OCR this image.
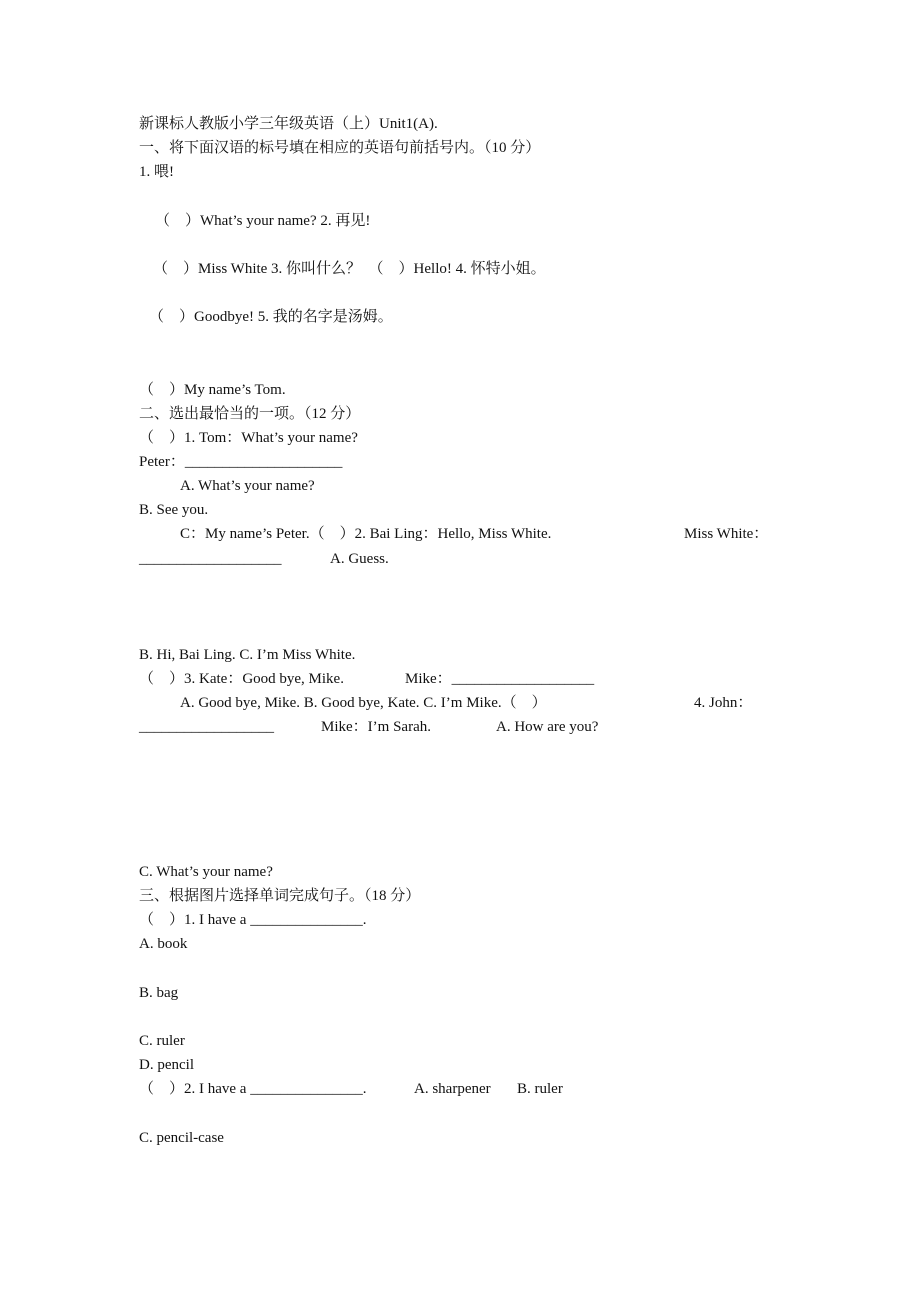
新课标人教版小学三年级英语（上）Unit1(A).
一、将下面汉语的标号填在相应的英语句前括号内。（10 分）
1. 喂!
（　）What’s your name? 2. 再见!
（　）Miss White 3. 你叫什么？　（　）Hello! 4. 怀特小姐。
（　）Goodbye! 5. 我的名字是汤姆。
（　）My name’s Tom.
二、选出最恰当的一项。（12 分）
（　）1. Tom：What’s your name?
Peter：_____________________
A. What’s your name?
B. See you.
C：My name’s Peter.（　）2. Bai Ling：Hello, Miss White.	Miss White：
___________________	A. Guess.
B. Hi, Bai Ling. C. I’m Miss White.
（　）3. Kate：Good bye, Mike.	Mike：___________________
A. Good bye, Mike. B. Good bye, Kate. C. I’m Mike.（　）	4. John：
__________________	Mike：I’m Sarah.	A. How are you?
C. What’s your name?
三、根据图片选择单词完成句子。（18 分）
（　）1. I have a _______________.
A. book
B. bag
C. ruler
D. pencil
（　）2. I have a _______________.	A. sharpener B. ruler
C. pencil-case
